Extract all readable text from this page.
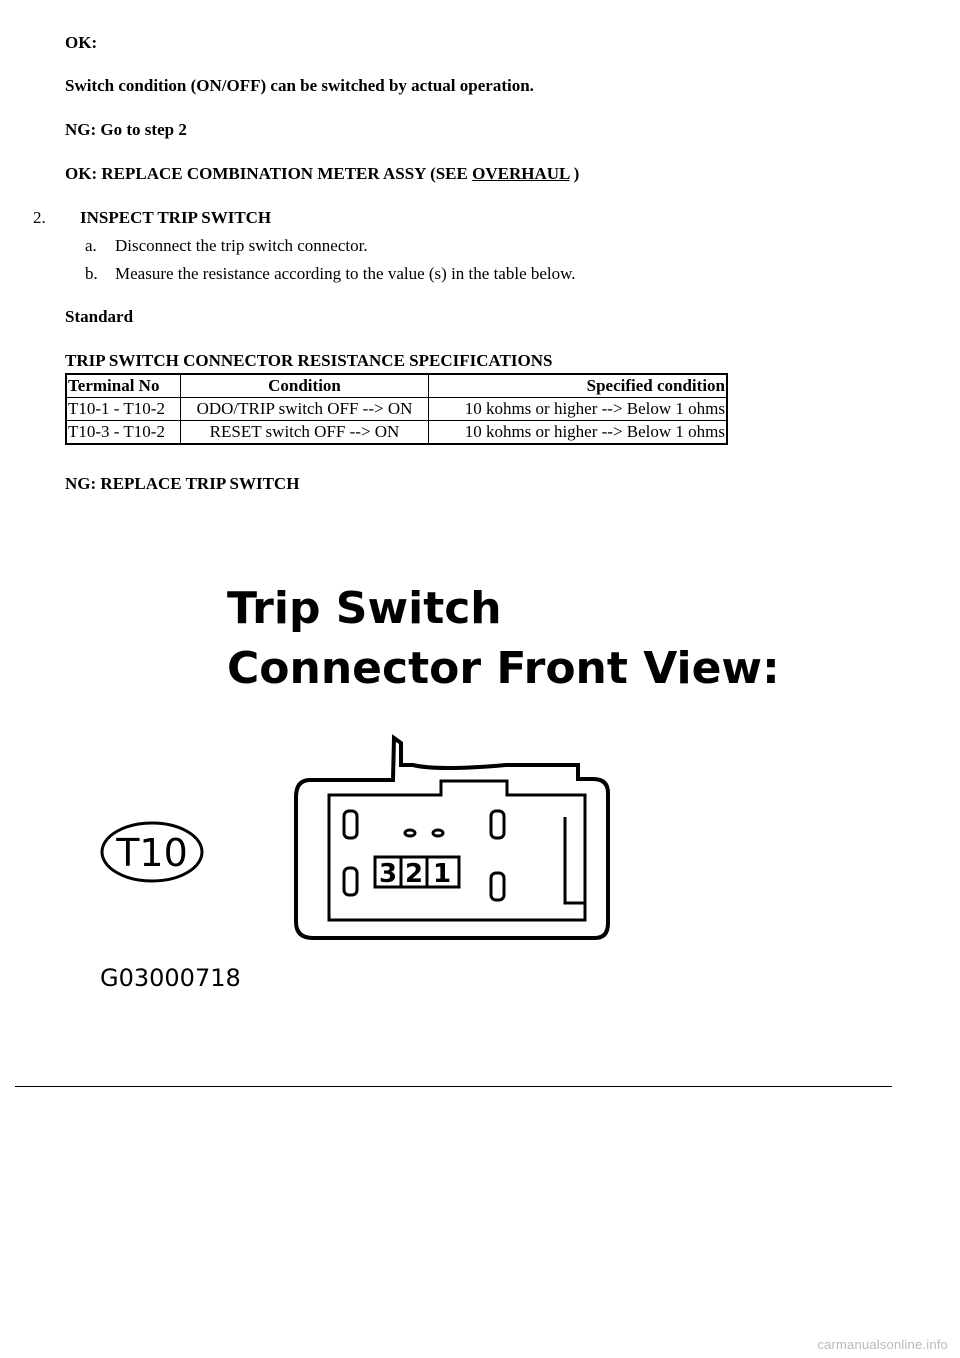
OK:

Switch condition (ON/OFF) can be switched by actual operation.

NG: Go to step 2

OK: REPLACE COMBINATION METER ASSY (SEE OVERHAUL )

2. INSPECT TRIP SWITCH

a. Disconnect the trip switch connector.
b. Measure the resistance according to the value (s) in the table below.

Standard

TRIP SWITCH CONNECTOR RESISTANCE SPECIFICATIONS

Terminal No	Condition	Specified condition
T10-1 - T10-2	ODO/TRIP switch OFF --> ON	10 kohms or higher --> Below 1 ohms
T10-3 - T10-2	RESET switch OFF --> ON	10 kohms or higher --> Below 1 ohms

NG: REPLACE TRIP SWITCH

Trip Switch
Connector Front View:
T10	3 2 1
G03000718
carmanualsonline.info
